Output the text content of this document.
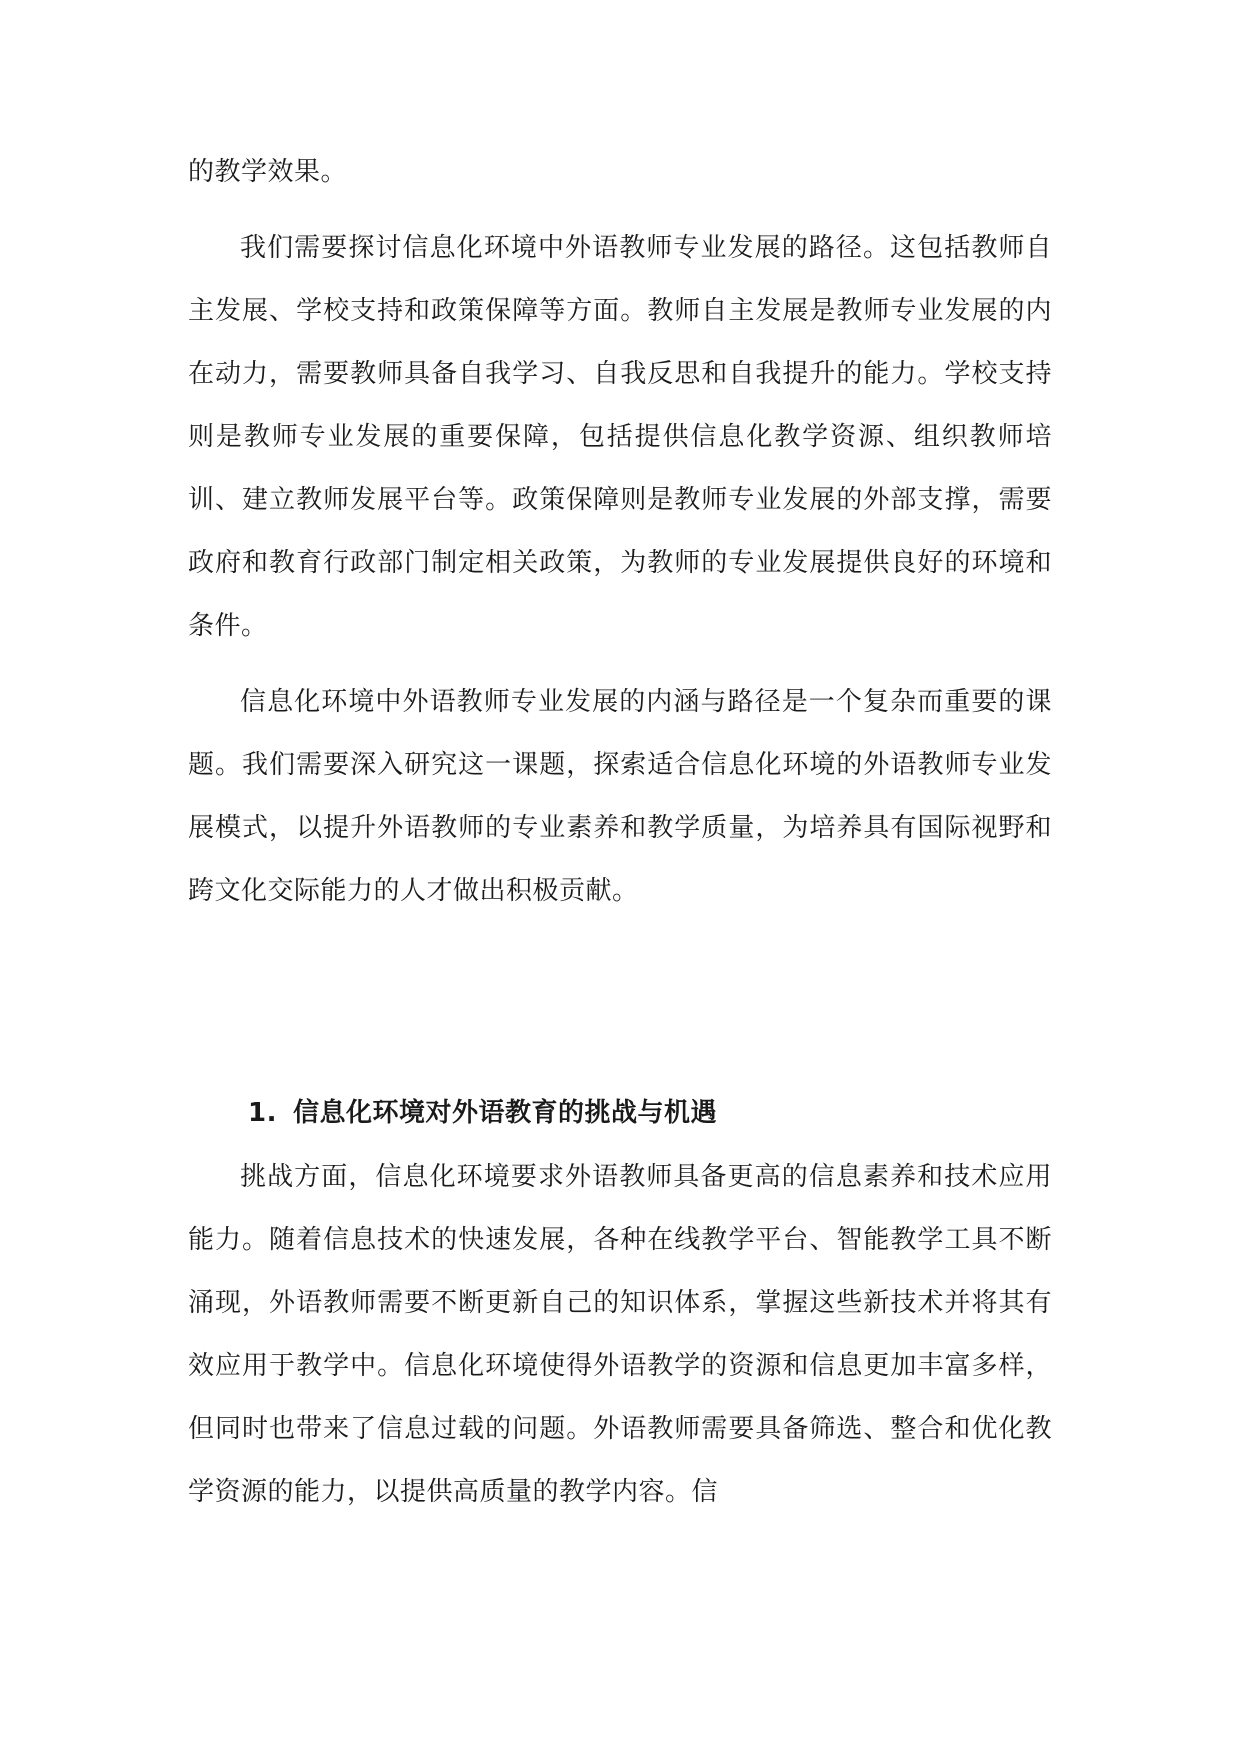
的教学效果。

我们需要探讨信息化环境中外语教师专业发展的路径。这包括教师自主发展、学校支持和政策保障等方面。教师自主发展是教师专业发展的内在动力，需要教师具备自我学习、自我反思和自我提升的能力。学校支持则是教师专业发展的重要保障，包括提供信息化教学资源、组织教师培训、建立教师发展平台等。政策保障则是教师专业发展的外部支撑，需要政府和教育行政部门制定相关政策，为教师的专业发展提供良好的环境和条件。

信息化环境中外语教师专业发展的内涵与路径是一个复杂而重要的课题。我们需要深入研究这一课题，探索适合信息化环境的外语教师专业发展模式，以提升外语教师的专业素养和教学质量，为培养具有国际视野和跨文化交际能力的人才做出积极贡献。

1. 信息化环境对外语教育的挑战与机遇

挑战方面，信息化环境要求外语教师具备更高的信息素养和技术应用能力。随着信息技术的快速发展，各种在线教学平台、智能教学工具不断涌现，外语教师需要不断更新自己的知识体系，掌握这些新技术并将其有效应用于教学中。信息化环境使得外语教学的资源和信息更加丰富多样，但同时也带来了信息过载的问题。外语教师需要具备筛选、整合和优化教学资源的能力，以提供高质量的教学内容。信
